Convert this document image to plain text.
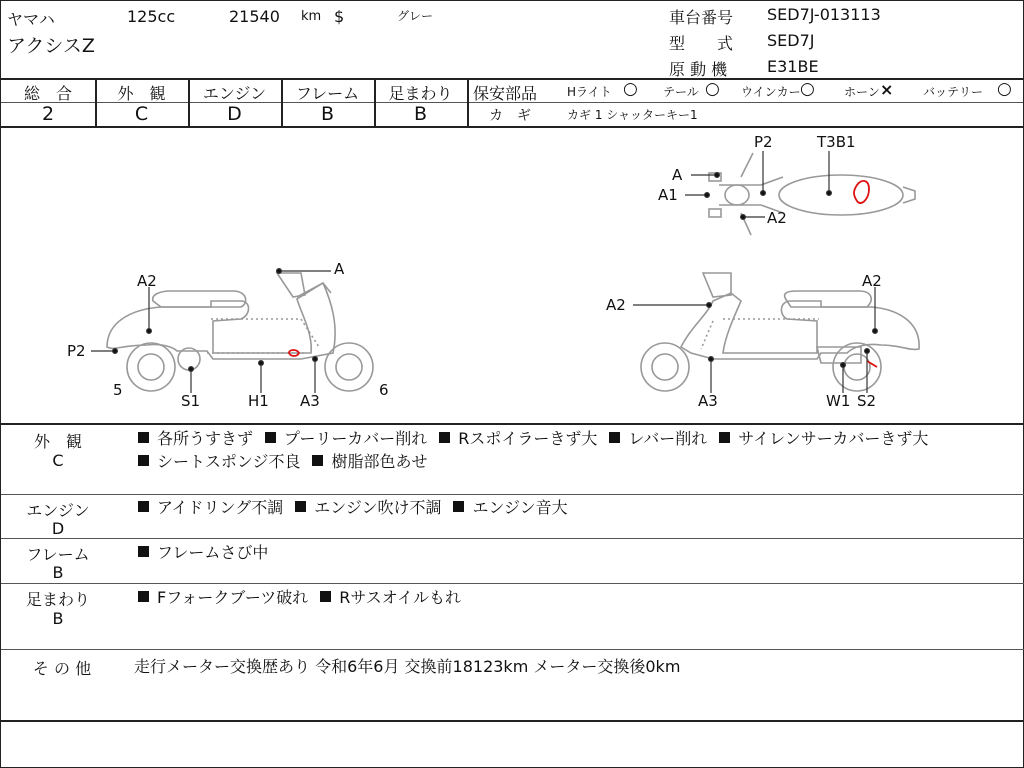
ヤマハ	125cc	21540 km $	グレー
アクシスZ
車台番号 SED7J-013113
型　　式 SED7J
原 動 機 E31BE
総　合	外　観	エンジン	フレーム	足まわり
2	C	D	B	B
保安部品 Hライト ○ テール ○ ウインカー ○ ホーン × バッテリー ○
カ　ギ	カギ 1 シャッターキー1
A
A2
P2
5
S1	H1 A3
6
A2
A2
A3	W1 S2
A
A1
P2	T3B1
A2
外　観
C
各所うすきず プーリーカバー削れ Rスポイラーきず大 レバー削れ サイレンサーカバーきず大
シートスポンジ不良 樹脂部色あせ
エンジン
D
アイドリング不調 エンジン吹け不調 エンジン音大
フレーム
B
フレームさび中
足まわり
B
Fフォークブーツ破れ Rサスオイルもれ
そ の 他	走行メーター交換歴あり 令和6年6月 交換前18123km メーター交換後0km
